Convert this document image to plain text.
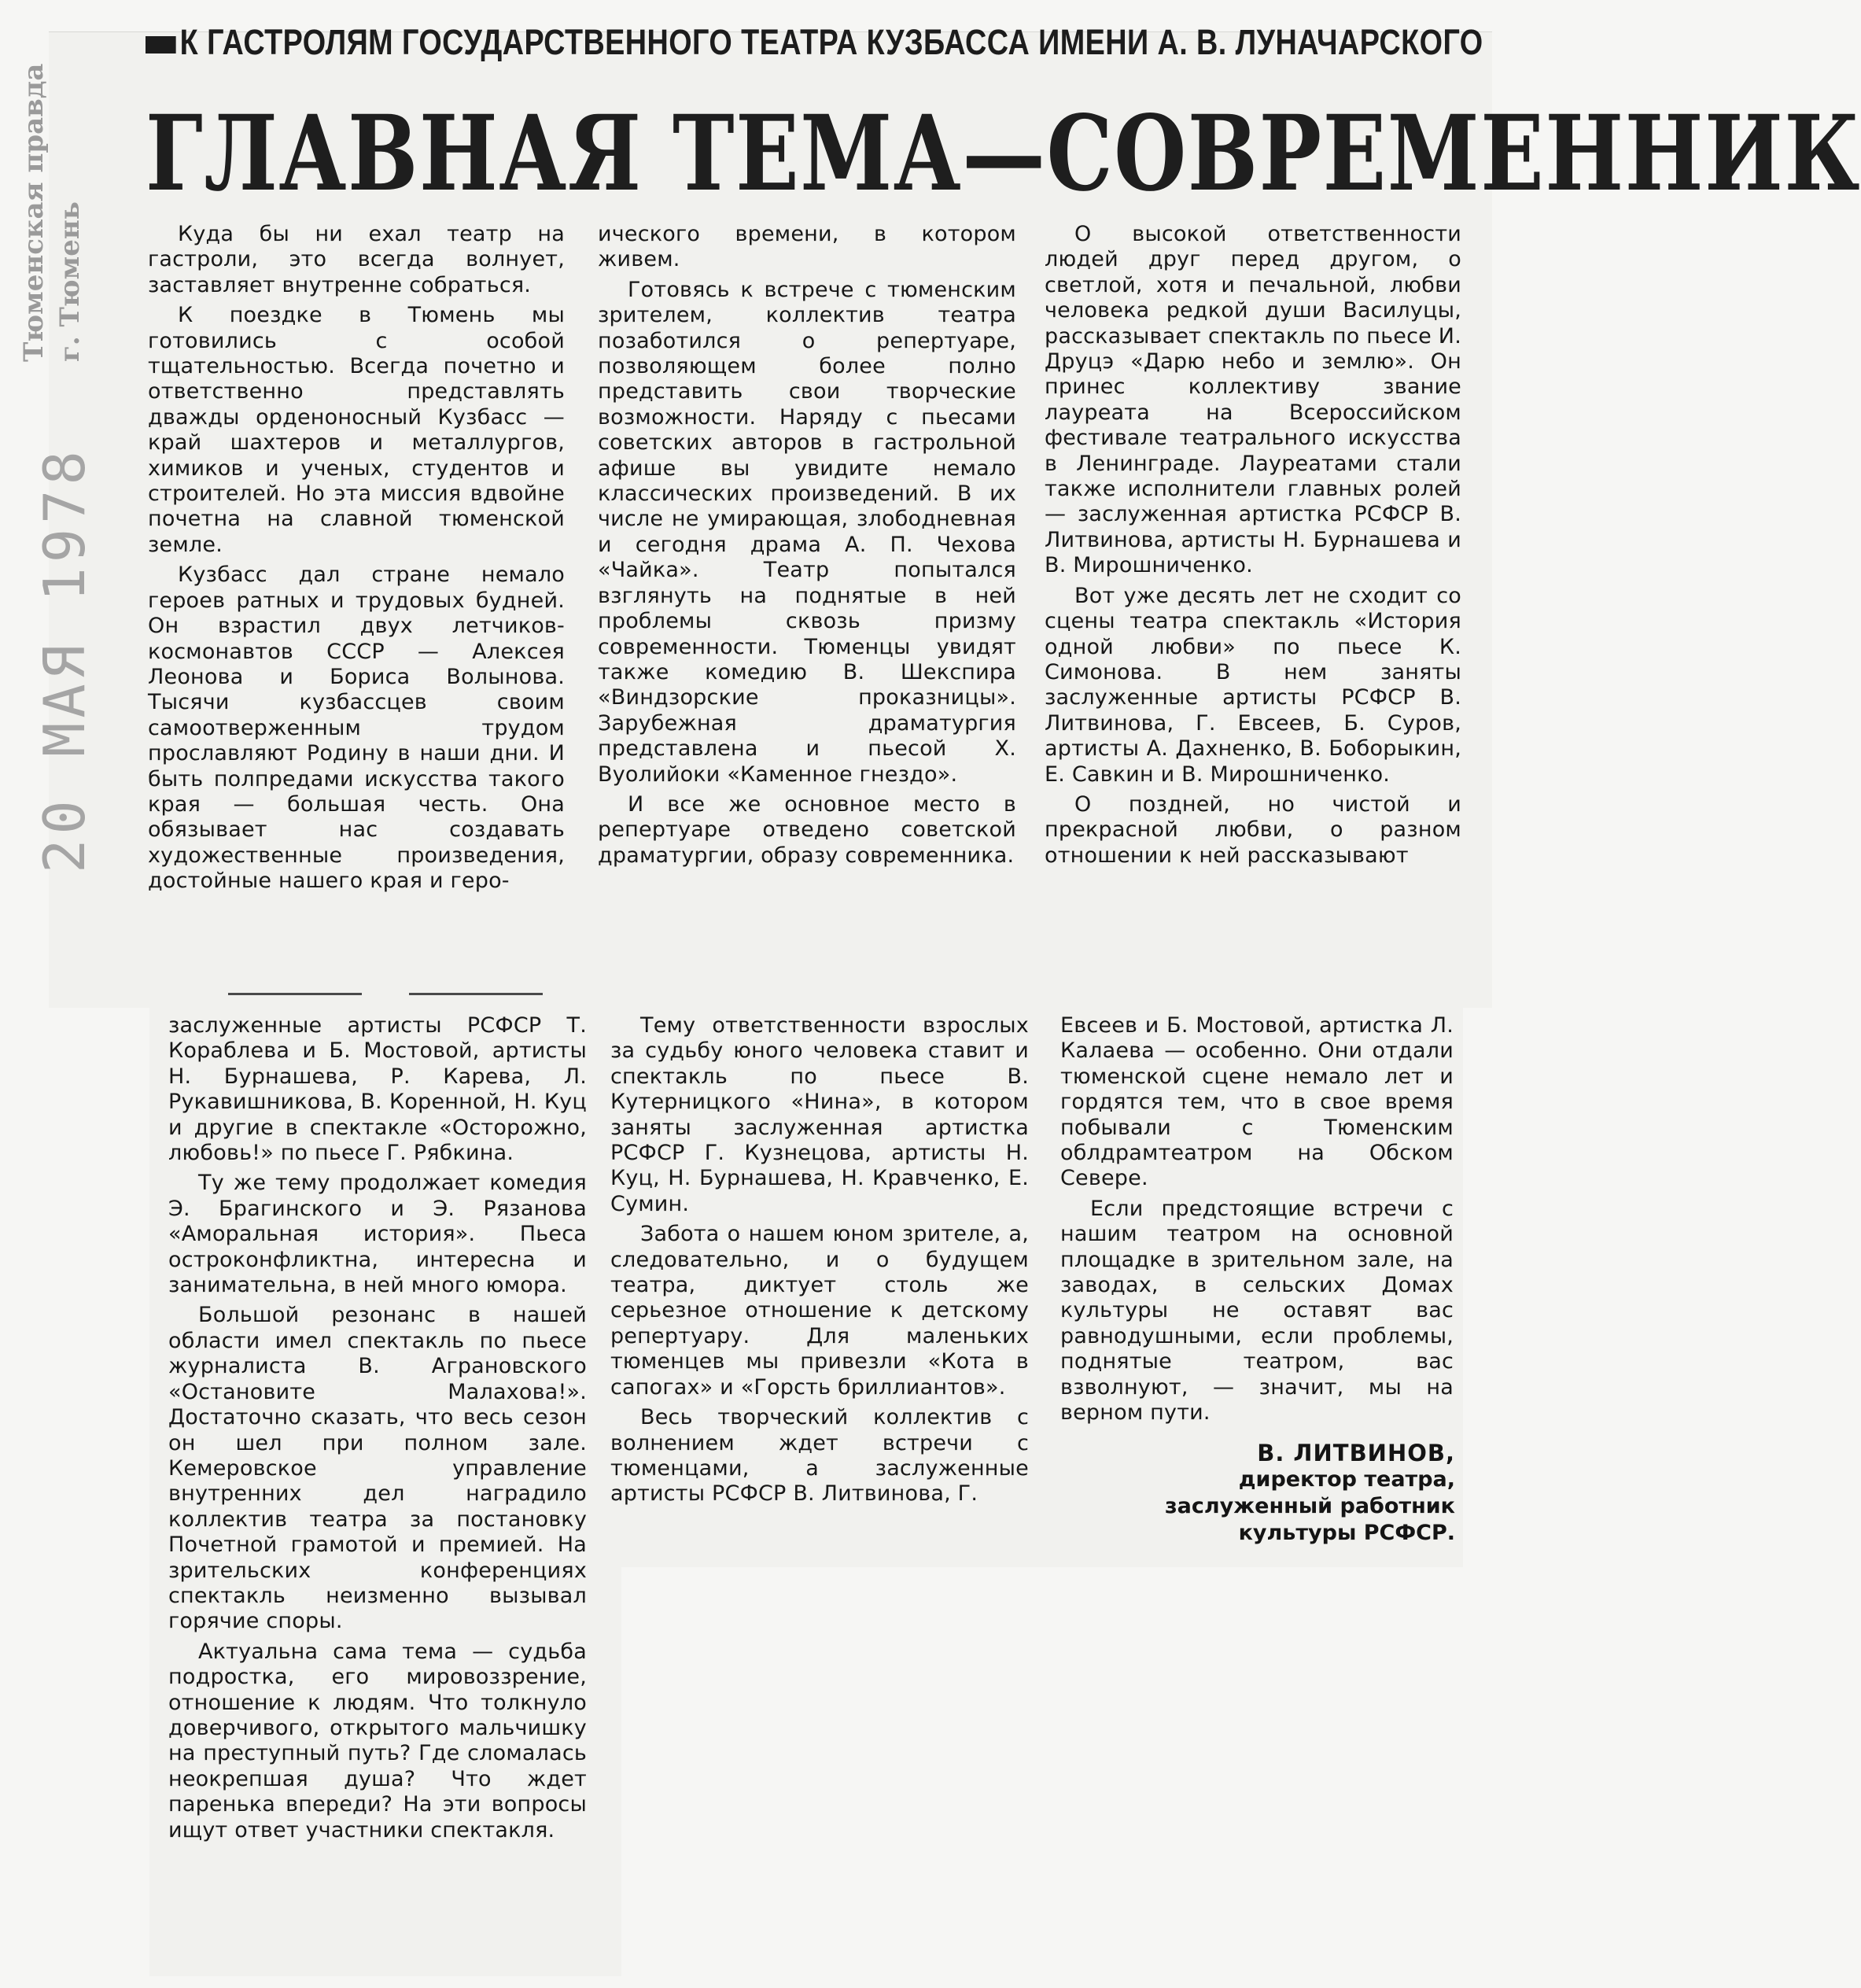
Тюменская правда г. Тюмень
20 МАЯ 1978
К ГАСТРОЛЯМ ГОСУДАРСТВЕННОГО ТЕАТРА КУЗБАССА ИМЕНИ А. В. ЛУНАЧАРСКОГО
ГЛАВНАЯ ТЕМА—СОВРЕМЕННИК

Куда бы ни ехал театр на гастроли, это всегда волнует, заставляет внутренне собраться.

К поездке в Тюмень мы готовились с особой тщательностью. Всегда почетно и ответственно представлять дважды орденоносный Кузбасс — край шахтеров и металлургов, химиков и ученых, студентов и строителей. Но эта миссия вдвойне почетна на славной тюменской земле.

Кузбасс дал стране немало героев ратных и трудовых будней. Он взрастил двух летчиков-космонавтов СССР — Алексея Леонова и Бориса Волынова. Тысячи кузбассцев своим самоотверженным трудом прославляют Родину в наши дни. И быть полпредами искусства такого края — большая честь. Она обязывает нас создавать художественные произведения, достойные нашего края и геро-

ического времени, в котором живем.

Готовясь к встрече с тюменским зрителем, коллектив театра позаботился о репертуаре, позволяющем более полно представить свои творческие возможности. Наряду с пьесами советских авторов в гастрольной афише вы увидите немало классических произведений. В их числе не умирающая, злободневная и сегодня драма А. П. Чехова «Чайка». Театр попытался взглянуть на поднятые в ней проблемы сквозь призму современности. Тюменцы увидят также комедию В. Шекспира «Виндзорские проказницы». Зарубежная драматургия представлена и пьесой Х. Вуолийоки «Каменное гнездо».

И все же основное место в репертуаре отведено советской драматургии, образу современника.

О высокой ответственности людей друг перед другом, о светлой, хотя и печальной, любви человека редкой души Василуцы, рассказывает спектакль по пьесе И. Друцэ «Дарю небо и землю». Он принес коллективу звание лауреата на Всероссийском фестивале театрального искусства в Ленинграде. Лауреатами стали также исполнители главных ролей — заслуженная артистка РСФСР В. Литвинова, артисты Н. Бурнашева и В. Мирошниченко.

Вот уже десять лет не сходит со сцены театра спектакль «История одной любви» по пьесе К. Симонова. В нем заняты заслуженные артисты РСФСР В. Литвинова, Г. Евсеев, Б. Суров, артисты А. Дахненко, В. Боборыкин, Е. Савкин и В. Мирошниченко.

О поздней, но чистой и прекрасной любви, о разном отношении к ней рассказывают

заслуженные артисты РСФСР Т. Кораблева и Б. Мостовой, артисты Н. Бурнашева, Р. Карева, Л. Рукавишникова, В. Коренной, Н. Куц и другие в спектакле «Осторожно, любовь!» по пьесе Г. Рябкина.

Ту же тему продолжает комедия Э. Брагинского и Э. Рязанова «Аморальная история». Пьеса остроконфликтна, интересна и занимательна, в ней много юмора.

Большой резонанс в нашей области имел спектакль по пьесе журналиста В. Аграновского «Остановите Малахова!». Достаточно сказать, что весь сезон он шел при полном зале. Кемеровское управление внутренних дел наградило коллектив театра за постановку Почетной грамотой и премией. На зрительских конференциях спектакль неизменно вызывал горячие споры.

Актуальна сама тема — судьба подростка, его мировоззрение, отношение к людям. Что толкнуло доверчивого, открытого мальчишку на преступный путь? Где сломалась неокрепшая душа? Что ждет паренька впереди? На эти вопросы ищут ответ участники спектакля.

Тему ответственности взрослых за судьбу юного человека ставит и спектакль по пьесе В. Кутерницкого «Нина», в котором заняты заслуженная артистка РСФСР Г. Кузнецова, артисты Н. Куц, Н. Бурнашева, Н. Кравченко, Е. Сумин.

Забота о нашем юном зрителе, а, следовательно, и о будущем театра, диктует столь же серьезное отношение к детскому репертуару. Для маленьких тюменцев мы привезли «Кота в сапогах» и «Горсть бриллиантов».

Весь творческий коллектив с волнением ждет встречи с тюменцами, а заслуженные артисты РСФСР В. Литвинова, Г.

Евсеев и Б. Мостовой, артистка Л. Калаева — особенно. Они отдали тюменской сцене немало лет и гордятся тем, что в свое время побывали с Тюменским облдрамтеатром на Обском Севере.

Если предстоящие встречи с нашим театром на основной площадке в зрительном зале, на заводах, в сельских Домах культуры не оставят вас равнодушными, если проблемы, поднятые театром, вас взволнуют, — значит, мы на верном пути.

В. ЛИТВИНОВ,
директор театра,
заслуженный работник
культуры РСФСР.
